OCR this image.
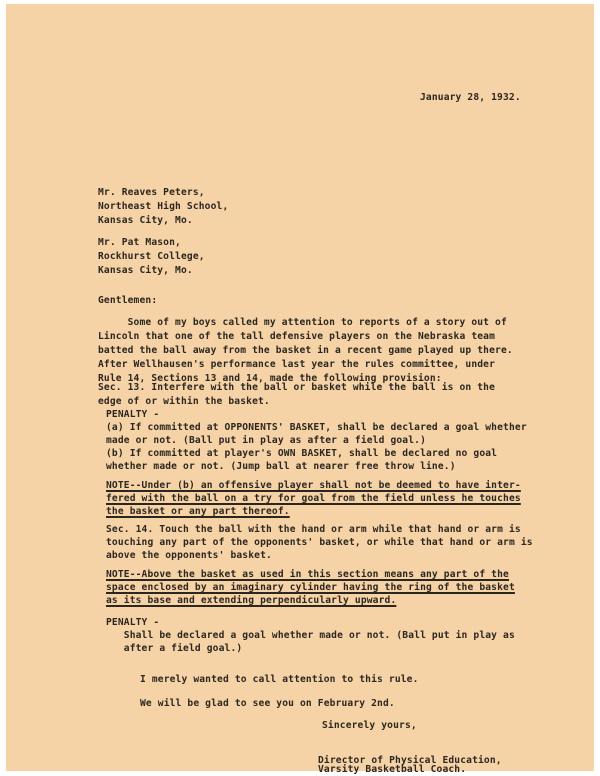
January 28, 1932.

Mr. Reaves Peters,

Northeast High School,

Kansas City, Mo.

Mr. Pat Mason,

Rockhurst College,

Kansas City, Mo.

Gentlemen:

Some of my boys called my attention to reports of a story out of

Lincoln that one of the tall defensive players on the Nebraska team

batted the ball away from the basket in a recent game played up there.

After Wellhausen's performance last year the rules committee, under

Rule 14, Sections 13 and 14, made the following provision:

Sec. 13. Interfere with the ball or basket while the ball is on the

edge of or within the basket.

PENALTY -

(a) If committed at OPPONENTS' BASKET, shall be declared a goal whether

made or not. (Ball put in play as after a field goal.)

(b) If committed at player's OWN BASKET, shall be declared no goal

whether made or not. (Jump ball at nearer free throw line.)

NOTE--Under (b) an offensive player shall not be deemed to have inter-

fered with the ball on a try for goal from the field unless he touches

the basket or any part thereof.

Sec. 14. Touch the ball with the hand or arm while that hand or arm is

touching any part of the opponents' basket, or while that hand or arm is

above the opponents' basket.

NOTE--Above the basket as used in this section means any part of the

space enclosed by an imaginary cylinder having the ring of the basket

as its base and extending perpendicularly upward.

PENALTY -

Shall be declared a goal whether made or not. (Ball put in play as

after a field goal.)

I merely wanted to call attention to this rule.

We will be glad to see you on February 2nd.

Sincerely yours,

Director of Physical Education,

Varsity Basketball Coach.
